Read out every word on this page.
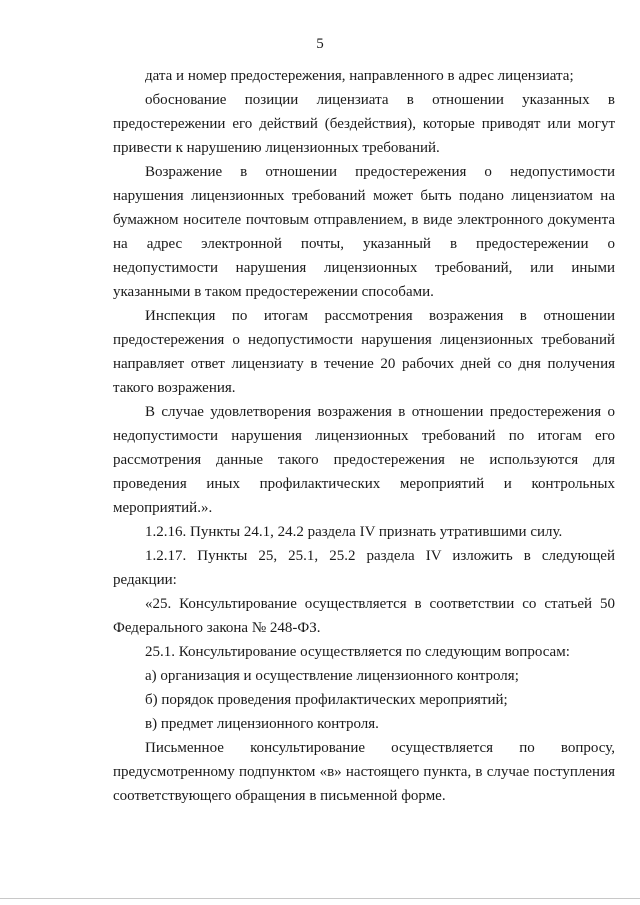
5

дата и номер предостережения, направленного в адрес лицензиата;

обоснование позиции лицензиата в отношении указанных в предостережении его действий (бездействия), которые приводят или могут привести к нарушению лицензионных требований.

Возражение в отношении предостережения о недопустимости нарушения лицензионных требований может быть подано лицензиатом на бумажном носителе почтовым отправлением, в виде электронного документа на адрес электронной почты, указанный в предостережении о недопустимости нарушения лицензионных требований, или иными указанными в таком предостережении способами.

Инспекция по итогам рассмотрения возражения в отношении предостережения о недопустимости нарушения лицензионных требований направляет ответ лицензиату в течение 20 рабочих дней со дня получения такого возражения.

В случае удовлетворения возражения в отношении предостережения о недопустимости нарушения лицензионных требований по итогам его рассмотрения данные такого предостережения не используются для проведения иных профилактических мероприятий и контрольных мероприятий.».

1.2.16. Пункты 24.1, 24.2 раздела IV признать утратившими силу.

1.2.17. Пункты 25, 25.1, 25.2 раздела IV изложить в следующей редакции:

«25. Консультирование осуществляется в соответствии со статьей 50 Федерального закона № 248-ФЗ.

25.1. Консультирование осуществляется по следующим вопросам:

а) организация и осуществление лицензионного контроля;

б) порядок проведения профилактических мероприятий;

в) предмет лицензионного контроля.

Письменное консультирование осуществляется по вопросу, предусмотренному подпунктом «в» настоящего пункта, в случае поступления соответствующего обращения в письменной форме.
